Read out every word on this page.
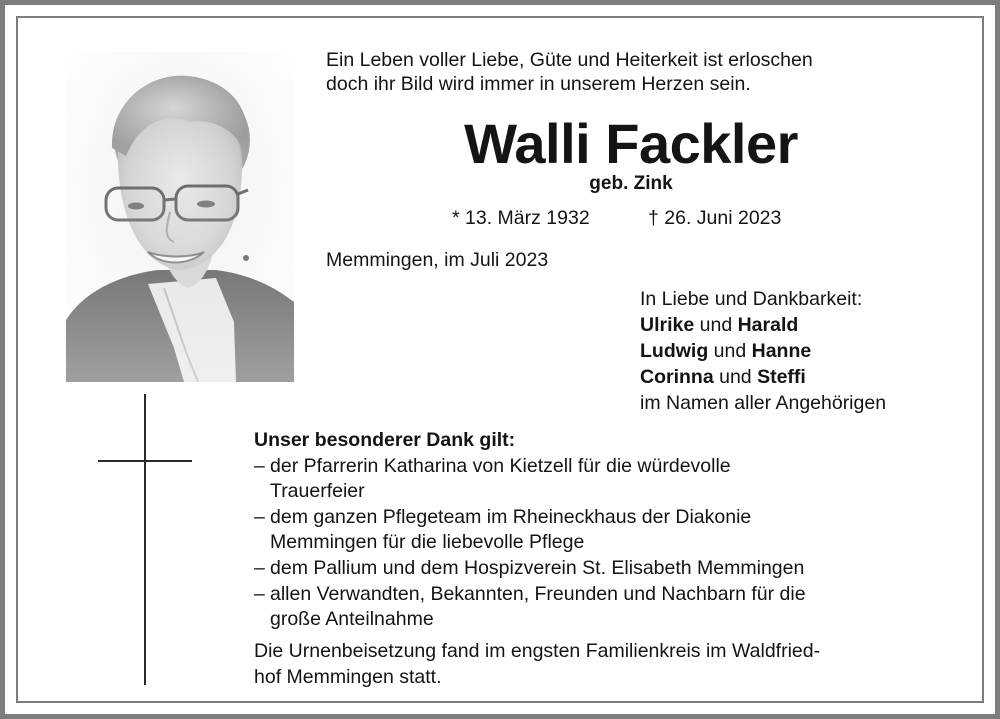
Ein Leben voller Liebe, Güte und Heiterkeit ist erloschen
doch ihr Bild wird immer in unserem Herzen sein.
Walli Fackler
geb. Zink
* 13. März 1932	† 26. Juni 2023
Memmingen, im Juli 2023
In Liebe und Dankbarkeit:
Ulrike und Harald
Ludwig und Hanne
Corinna und Steffi
im Namen aller Angehörigen
Unser besonderer Dank gilt:
– der Pfarrerin Katharina von Kietzell für die würdevolle
Trauerfeier
– dem ganzen Pflegeteam im Rheineckhaus der Diakonie
Memmingen für die liebevolle Pflege
– dem Pallium und dem Hospizverein St. Elisabeth Memmingen
– allen Verwandten, Bekannten, Freunden und Nachbarn für die
große Anteilnahme
Die Urnenbeisetzung fand im engsten Familienkreis im Waldfried-
hof Memmingen statt.
